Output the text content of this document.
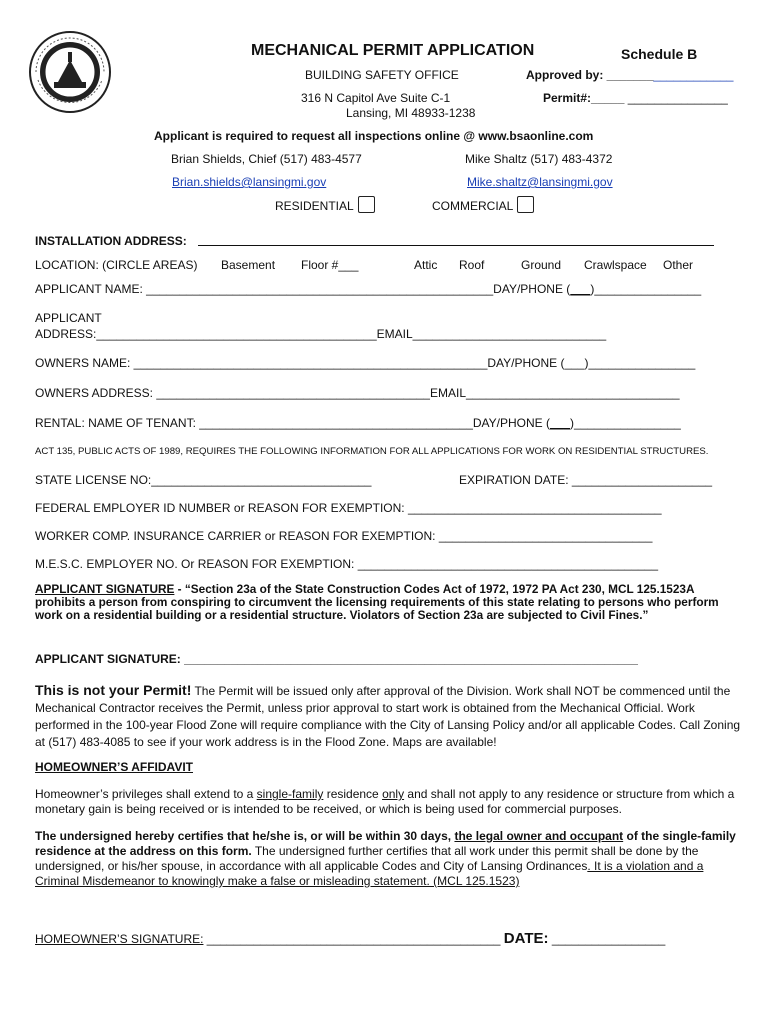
MECHANICAL PERMIT APPLICATION	Schedule B
BUILDING SAFETY OFFICE	Approved by: ___________________
316 N Capitol Ave Suite C-1	Permit#:_____ _______________
Lansing, MI 48933-1238
Applicant is required to request all inspections online @ www.bsaonline.com
Brian Shields, Chief (517) 483-4577	Mike Shaltz (517) 483-4372
Brian.shields@lansingmi.gov	Mike.shaltz@lansingmi.gov
RESIDENTIAL	COMMERCIAL
INSTALLATION ADDRESS:
LOCATION: (CIRCLE AREAS) Basement Floor #___	Attic Roof	Ground Crawlspace Other
APPLICANT NAME: ____________________________________________________DAY/PHONE (___)________________
APPLICANT
ADDRESS:__________________________________________EMAIL_____________________________
OWNERS NAME: _____________________________________________________DAY/PHONE (___)________________
OWNERS ADDRESS: _________________________________________EMAIL________________________________
RENTAL: NAME OF TENANT: _________________________________________DAY/PHONE (___)________________
ACT 135, PUBLIC ACTS OF 1989, REQUIRES THE FOLLOWING INFORMATION FOR ALL APPLICATIONS FOR WORK ON RESIDENTIAL STRUCTURES.
STATE LICENSE NO:_________________________________	EXPIRATION DATE: _____________________
FEDERAL EMPLOYER ID NUMBER or REASON FOR EXEMPTION: ______________________________________
WORKER COMP. INSURANCE CARRIER or REASON FOR EXEMPTION: ________________________________
M.E.S.C. EMPLOYER NO. Or REASON FOR EXEMPTION: _____________________________________________
APPLICANT SIGNATURE - “Section 23a of the State Construction Codes Act of 1972, 1972 PA Act 230, MCL 125.1523A prohibits a person from conspiring to circumvent the licensing requirements of this state relating to persons who perform work on a residential building or a residential structure. Violators of Section 23a are subjected to Civil Fines.”
APPLICANT SIGNATURE: ____________________________________________________________________
This is not your Permit! The Permit will be issued only after approval of the Division. Work shall NOT be commenced until the Mechanical Contractor receives the Permit, unless prior approval to start work is obtained from the Mechanical Official. Work performed in the 100-year Flood Zone will require compliance with the City of Lansing Policy and/or all applicable Codes. Call Zoning at (517) 483-4085 to see if your work address is in the Flood Zone. Maps are available!
HOMEOWNER’S AFFIDAVIT
Homeowner’s privileges shall extend to a single-family residence only and shall not apply to any residence or structure from which a monetary gain is being received or is intended to be received, or which is being used for commercial purposes.
The undersigned hereby certifies that he/she is, or will be within 30 days, the legal owner and occupant of the single-family residence at the address on this form. The undersigned further certifies that all work under this permit shall be done by the undersigned, or his/her spouse, in accordance with all applicable Codes and City of Lansing Ordinances. It is a violation and a Criminal Misdemeanor to knowingly make a false or misleading statement. (MCL 125.1523)
HOMEOWNER’S SIGNATURE: ____________________________________________ DATE: _________________
